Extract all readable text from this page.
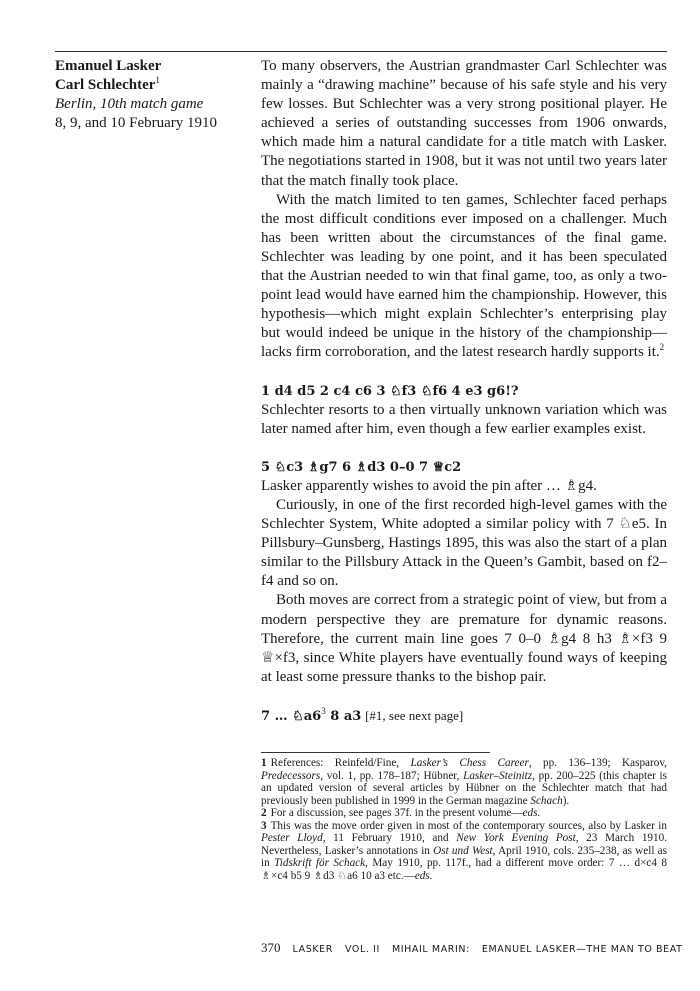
Emanuel Lasker
Carl Schlechter$^1$
Berlin, 10th match game
8, 9, and 10 February 1910

To many observers, the Austrian grandmaster Carl Schlechter was mainly a “drawing machine” because of his safe style and his very few losses. But Schlechter was a very strong positional player. He achieved a series of outstanding successes from 1906 onwards, which made him a natural candidate for a title match with Lasker. The negotiations started in 1908, but it was not until two years later that the match finally took place.

With the match limited to ten games, Schlechter faced perhaps the most difficult conditions ever imposed on a challenger. Much has been written about the circumstances of the final game. Schlechter was leading by one point, and it has been speculated that the Austrian needed to win that final game, too, as only a two-point lead would have earned him the championship. However, this hypothesis—which might explain Schlechter’s enterprising play but would indeed be unique in the history of the championship—lacks firm corroboration, and the latest research hardly supports it.$^2$

1 d4 d5 2 c4 c6 3 ♘f3 ♘f6 4 e3 g6!?

Schlechter resorts to a then virtually unknown variation which was later named after him, even though a few earlier examples exist.

5 ♘c3 ♗g7 6 ♗d3 0–0 7 ♕c2

Lasker apparently wishes to avoid the pin after … ♗g4.

Curiously, in one of the first recorded high-level games with the Schlechter System, White adopted a similar policy with 7 ♘e5. In Pillsbury–Gunsberg, Hastings 1895, this was also the start of a plan similar to the Pillsbury Attack in the Queen’s Gambit, based on f2–f4 and so on.

Both moves are correct from a strategic point of view, but from a modern perspective they are premature for dynamic reasons. Therefore, the current main line goes 7 0–0 ♗g4 8 h3 ♗×f3 9 ♕×f3, since White players have eventually found ways of keeping at least some pressure thanks to the bishop pair.

7 … $♘a6^3$ 8 a3 [#1, see next page]

1 References: Reinfeld/Fine, Lasker’s Chess Career, pp. 136–139; Kasparov, Predecessors, vol. 1, pp. 178–187; Hübner, Lasker–Steinitz, pp. 200–225 (this chapter is an updated version of several articles by Hübner on the Schlechter match that had previously been published in 1999 in the German magazine Schach).

2 For a discussion, see pages 37f. in the present volume—eds.

3 This was the move order given in most of the contemporary sources, also by Lasker in Pester Lloyd, 11 February 1910, and New York Evening Post, 23 March 1910. Nevertheless, Lasker’s annotations in Ost und West, April 1910, cols. 235–238, as well as in Tidskrift för Schack, May 1910, pp. 117f., had a different move order: 7 … d×c4 8 ♗×c4 b5 9 ♗d3 ♘a6 10 a3 etc.—eds.

370 LASKER VOL. II MIHAIL MARIN: EMANUEL LASKER—THE MAN TO BEAT
